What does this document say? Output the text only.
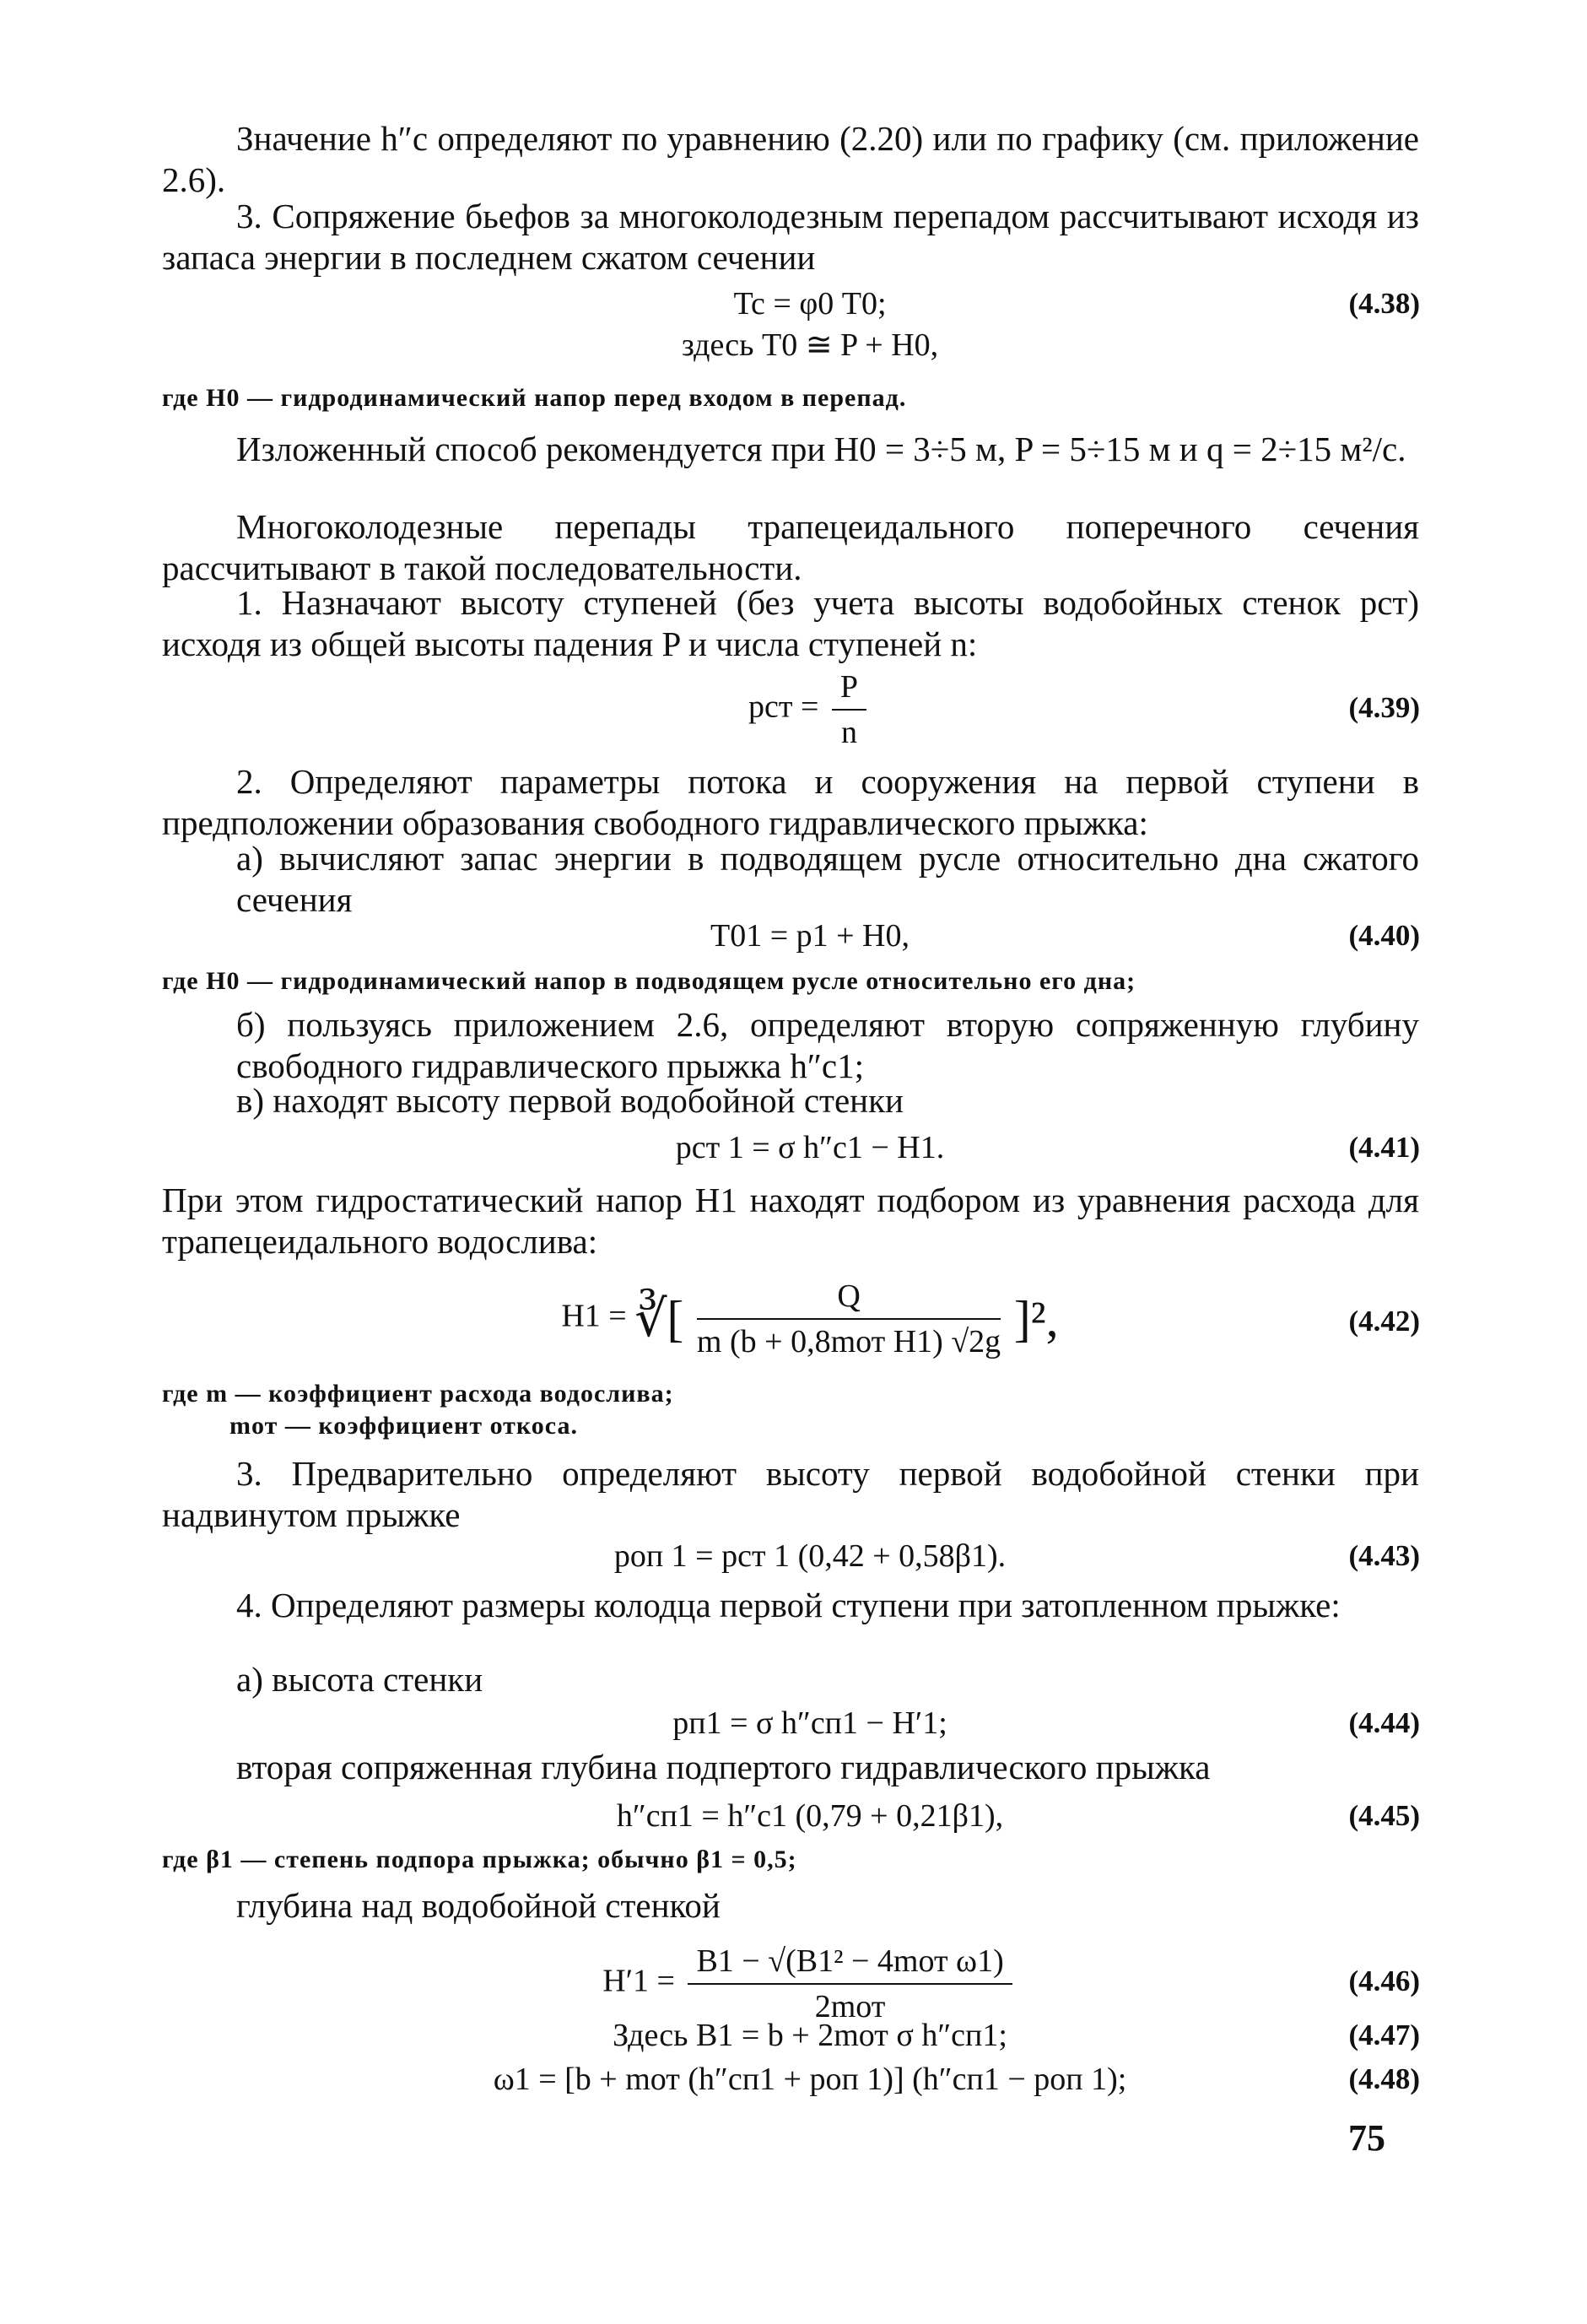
Значение h″с определяют по уравнению (2.20) или по графику (см. приложение 2.6).

3. Сопряжение бьефов за многоколодезным перепадом рассчитывают исходя из запаса энергии в последнем сжатом сечении

Tc = φ0 T0;	(4.38)
здесь T0 ≅ P + H0,

где H0 — гидродинамический напор перед входом в перепад.

Изложенный способ рекомендуется при H0 = 3÷5 м, P = 5÷15 м и q = 2÷15 м²/с.

Многоколодезные перепады трапецеидального поперечного сечения рассчитывают в такой последовательности.

1. Назначают высоту ступеней (без учета высоты водобойных стенок pст) исходя из общей высоты падения P и числа ступеней n:

pст = $\frac{P}{n}$	(4.39)

2. Определяют параметры потока и сооружения на первой ступени в предположении образования свободного гидравлического прыжка:

а) вычисляют запас энергии в подводящем русле относительно дна сжатого сечения

T01 = p1 + H0,	(4.40)

где H0 — гидродинамический напор в подводящем русле относительно его дна;

б) пользуясь приложением 2.6, определяют вторую сопряженную глубину свободного гидравлического прыжка h″с1;

в) находят высоту первой водобойной стенки

pст 1 = σ h″с1 − H1.	(4.41)

При этом гидростатический напор H1 находят подбором из уравнения расхода для трапецеидального водослива:

H1 = ∛[ $\frac{Q}{\text{m (b + 0,8mот H1) √2g}} ]^2$,	(4.42)

где m — коэффициент расхода водослива;

mот — коэффициент откоса.

3. Предварительно определяют высоту первой водобойной стенки при надвинутом прыжке

pоп 1 = pст 1 (0,42 + 0,58β1).	(4.43)

4. Определяют размеры колодца первой ступени при затопленном прыжке:

а) высота стенки

pп1 = σ h″сп1 − H′1;	(4.44)

вторая сопряженная глубина подпертого гидравлического прыжка

h″сп1 = h″с1 (0,79 + 0,21β1),	(4.45)

где β1 — степень подпора прыжка; обычно β1 = 0,5;

глубина над водобойной стенкой

$H'1 = \frac{\text{B1 − √(B1² − 4mот ω1)}}{\text{2mот}}$	(4.46)
Здесь B1 = b + 2mот σ h″сп1;	(4.47)
ω1 = [b + mот (h″сп1 + pоп 1)] (h″сп1 − pоп 1);	(4.48)
75
